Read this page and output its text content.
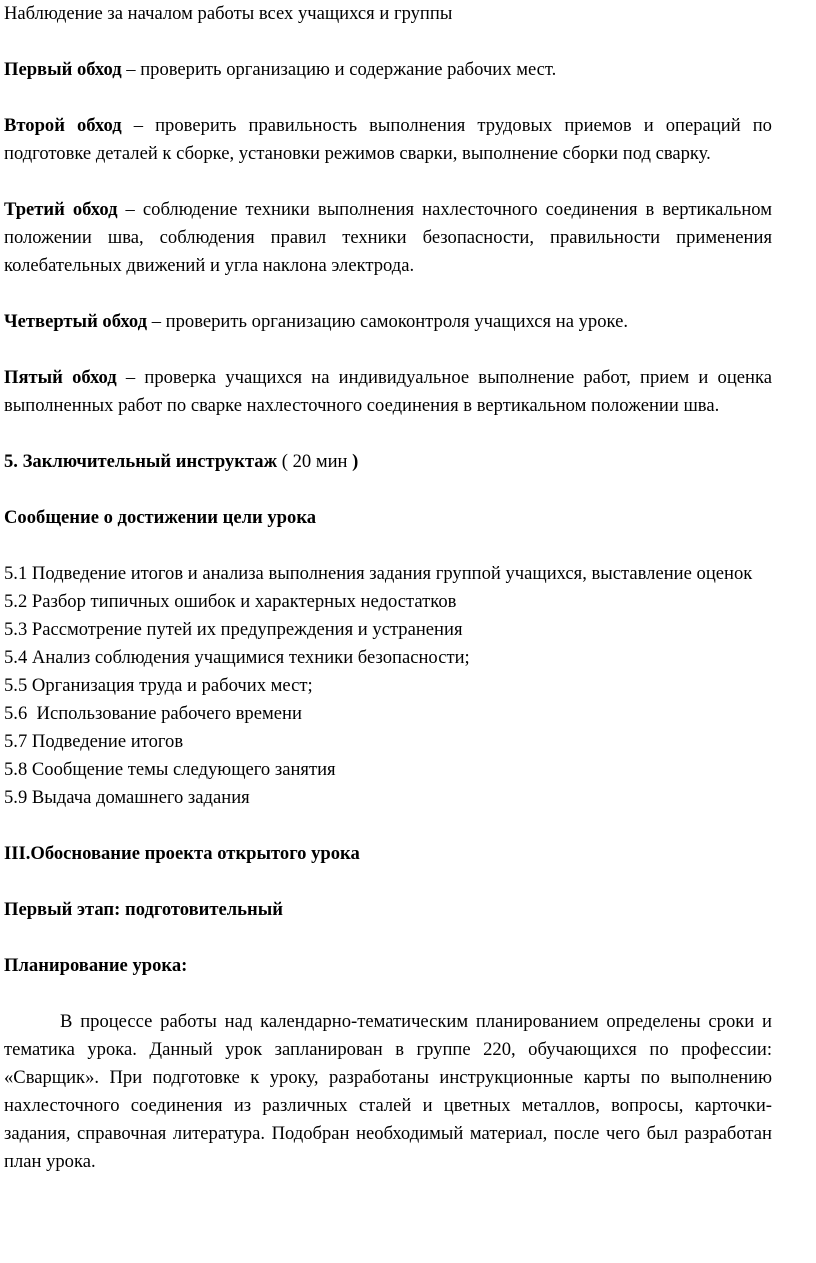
Наблюдение за началом работы всех учащихся и группы

Первый обход – проверить организацию и содержание рабочих мест.

Второй обход – проверить правильность выполнения трудовых приемов и операций по подготовке деталей к сборке, установки режимов сварки, выполнение сборки под сварку.

Третий обход – соблюдение техники выполнения нахлесточного соединения в вертикальном положении шва, соблюдения правил техники безопасности, правильности применения колебательных движений и угла наклона электрода.

Четвертый обход – проверить организацию самоконтроля учащихся на уроке.

Пятый обход – проверка учащихся на индивидуальное выполнение работ, прием и оценка выполненных работ по сварке нахлесточного соединения в вертикальном положении шва.

5. Заключительный инструктаж ( 20 мин )

Сообщение о достижении цели урока

5.1 Подведение итогов и анализа выполнения задания группой учащихся, выставление оценок

5.2 Разбор типичных ошибок и характерных недостатков

5.3 Рассмотрение путей их предупреждения и устранения

5.4 Анализ соблюдения учащимися техники безопасности;

5.5 Организация труда и рабочих мест;

5.6  Использование рабочего времени

5.7 Подведение итогов

5.8 Сообщение темы следующего занятия

5.9 Выдача домашнего задания

III.Обоснование проекта открытого урока

Первый этап: подготовительный

Планирование урока:

В процессе работы над календарно-тематическим планированием определены сроки и тематика урока. Данный урок запланирован в группе 220, обучающихся по профессии: «Сварщик». При подготовке к уроку, разработаны инструкционные карты по выполнению нахлесточного соединения из различных сталей и цветных металлов, вопросы, карточки-задания, справочная литература. Подобран необходимый материал, после чего был разработан план урока.
